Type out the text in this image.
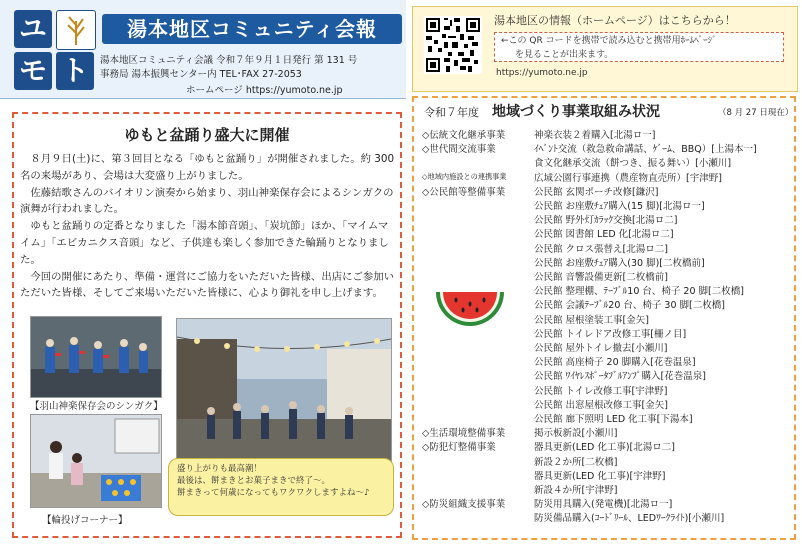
ユ
モ ト
湯本地区コミュニティ会報
湯本地区コミュニティ会議 令和７年９月１日発行 第 131 号
事務局 湯本振興センター内 TEL･FAX 27-2053
ホームページ https://yumoto.ne.jp
湯本地区の情報（ホームページ）はこちらから！
←この QR コードを携帯で読み込むと携帯用ﾎｰﾑﾍﾟｰｼﾞ
を見ることが出来ます。
https://yumoto.ne.jp
ゆもと盆踊り盛大に開催

８月９日(土)に、第３回目となる「ゆもと盆踊り」が開催されました。約 300 名の来場があり、会場は大変盛り上がりました。

佐藤結歌さんのバイオリン演奏から始まり、羽山神楽保存会によるシンガクの演舞が行われました。

ゆもと盆踊りの定番となりました「湯本節音頭」、「炭坑節」ほか、「マイムマイム」「エビカニクス音頭」など、子供達も楽しく参加できた輪踊りとなりました。

今回の開催にあたり、準備・運営にご協力をいただいた皆様、出店にご参加いただいた皆様、そしてご来場いただいた皆様に、心より御礼を申し上げます。

【羽山神楽保存会のシンガク】
【輪投げコーナー】
盛り上がりも最高潮！
最後は、餅まきとお菓子まきで終了～。
餅まきって何歳になってもワクワクしますよね～♪
令和７年度 地域づくり事業取組み状況	（8 月 27 日現在）
◇伝統文化継承事業	神楽衣装２着購入[北湯ロ一]
◇世代間交流事業	ｲﾍﾞﾝﾄ交流（救急救命講話、ｹﾞｰﾑ、BBQ）[上湯本一]
食文化継承交流（餅つき、振る舞い）[小瀬川]
◇地域内施設との連携事業	広域公園行事連携（農産物直売所）[宇津野]
◇公民館等整備事業	公民館 玄関ポーチ改修[鎌沢]
公民館 お座敷ﾁｪｱ購入(15 脚)[北湯ロ一]
公民館 野外灯ｶﾗｯｸ交換[北湯ロ二]
公民館 図書館 LED 化[北湯ロ二]
公民館 クロス張替え[北湯ロ二]
公民館 お座敷ﾁｪｱ購入(30 脚)[二枚橋前]
公民館 音響設備更新[二枚橋前]
公民館 整理棚、ﾃｰﾌﾞﾙ10 台、椅子 20 脚[二枚橋]
公民館 会議ﾃｰﾌﾞﾙ20 台、椅子 30 脚[二枚橋]
公民館 屋根塗装工事[金矢]
公民館 トイレドア改修工事[柵ノ目]
公民館 屋外トイレ撤去[小瀬川]
公民館 高座椅子 20 脚購入[花巻温泉]
公民館 ﾜｲﾔﾚｽﾎﾟｰﾀﾌﾞﾙｱﾝﾌﾟ購入[花巻温泉]
公民館 トイレ改修工事[宇津野]
公民館 出窓屋根改修工事[金矢]
公民館 廊下照明 LED 化工事[下湯本]
◇生活環境整備事業	掲示板新設[小瀬川]
◇防犯灯整備事業	器具更新(LED 化工事)[北湯ロ二]
新設２か所[二枚橋]
器具更新(LED 化工事)[宇津野]
新設４か所[宇津野]
◇防災組織支援事業	防災用具購入(発電機)[北湯ロ一]
防災備品購入(ｺｰﾄﾞﾘｰﾙ、LEDﾜｰｸﾗｲﾄ)[小瀬川]
